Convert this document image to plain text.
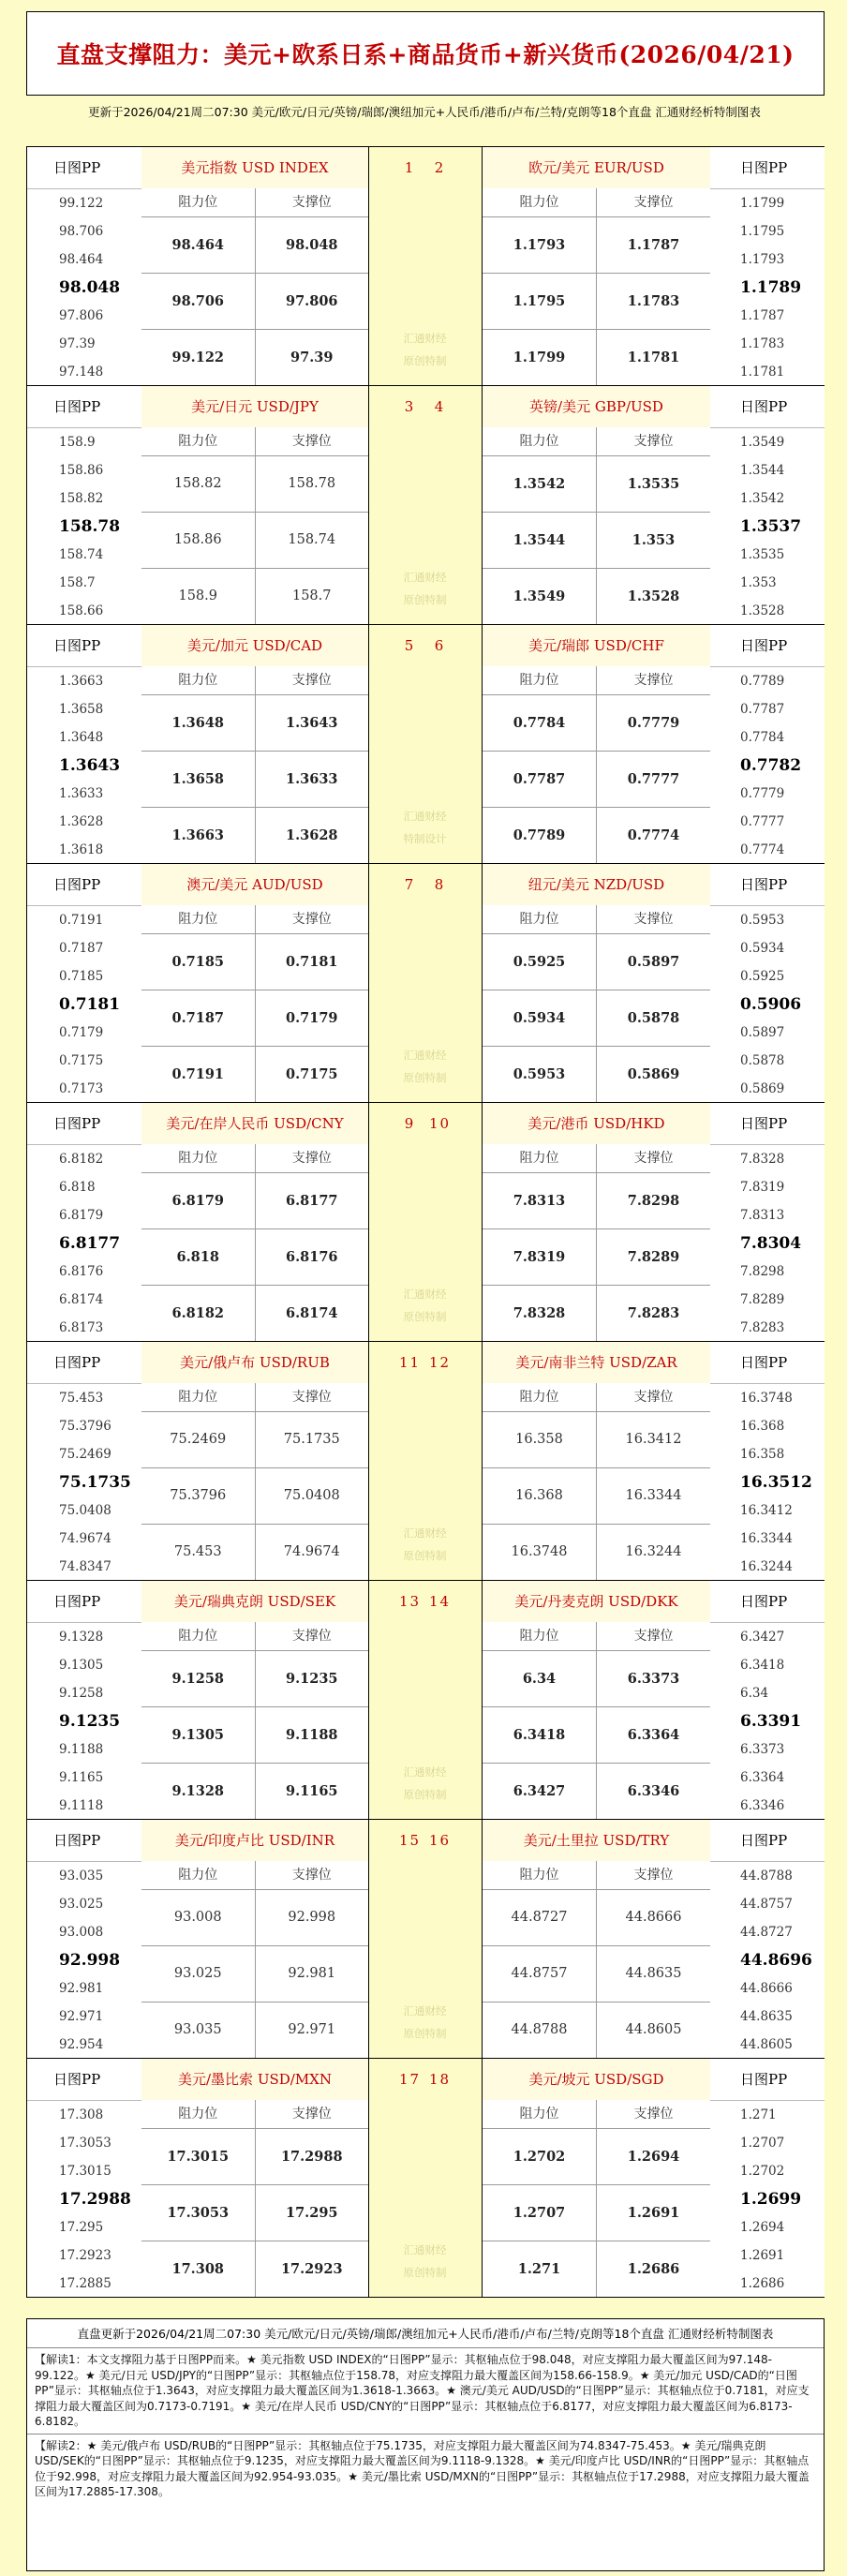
直盘支撑阻力：美元+欧系日系+商品货币+新兴货币(2026/04/21)
更新于2026/04/21周二07:30 美元/欧元/日元/英镑/瑞郎/澳纽加元+人民币/港币/卢布/兰特/克朗等18个直盘 汇通财经析特制图表
日图PP
99.122
98.706
98.464
98.048
97.806
97.39
97.148
美元指数 USD INDEX
阻力位	支撑位
98.464	98.048
98.706	97.806
99.122	97.39
日图PP
1.1799
1.1795
1.1793
1.1789
1.1787
1.1783
1.1781
欧元/美元 EUR/USD
阻力位	支撑位
1.1793	1.1787
1.1795	1.1783
1.1799	1.1781
1 2
汇通财经
原创特制
日图PP
158.9
158.86
158.82
158.78
158.74
158.7
158.66
美元/日元 USD/JPY
阻力位	支撑位
158.82	158.78
158.86	158.74
158.9	158.7
日图PP
1.3549
1.3544
1.3542
1.3537
1.3535
1.353
1.3528
英镑/美元 GBP/USD
阻力位	支撑位
1.3542	1.3535
1.3544	1.353
1.3549	1.3528
3 4
汇通财经
原创特制
日图PP
1.3663
1.3658
1.3648
1.3643
1.3633
1.3628
1.3618
美元/加元 USD/CAD
阻力位	支撑位
1.3648	1.3643
1.3658	1.3633
1.3663	1.3628
日图PP
0.7789
0.7787
0.7784
0.7782
0.7779
0.7777
0.7774
美元/瑞郎 USD/CHF
阻力位	支撑位
0.7784	0.7779
0.7787	0.7777
0.7789	0.7774
5 6
汇通财经
特制设计
日图PP
0.7191
0.7187
0.7185
0.7181
0.7179
0.7175
0.7173
澳元/美元 AUD/USD
阻力位	支撑位
0.7185	0.7181
0.7187	0.7179
0.7191	0.7175
日图PP
0.5953
0.5934
0.5925
0.5906
0.5897
0.5878
0.5869
纽元/美元 NZD/USD
阻力位	支撑位
0.5925	0.5897
0.5934	0.5878
0.5953	0.5869
7 8
汇通财经
原创特制
日图PP
6.8182
6.818
6.8179
6.8177
6.8176
6.8174
6.8173
美元/在岸人民币 USD/CNY
阻力位	支撑位
6.8179	6.8177
6.818	6.8176
6.8182	6.8174
日图PP
7.8328
7.8319
7.8313
7.8304
7.8298
7.8289
7.8283
美元/港币 USD/HKD
阻力位	支撑位
7.8313	7.8298
7.8319	7.8289
7.8328	7.8283
9 10
汇通财经
原创特制
日图PP
75.453
75.3796
75.2469
75.1735
75.0408
74.9674
74.8347
美元/俄卢布 USD/RUB
阻力位	支撑位
75.2469	75.1735
75.3796	75.0408
75.453	74.9674
日图PP
16.3748
16.368
16.358
16.3512
16.3412
16.3344
16.3244
美元/南非兰特 USD/ZAR
阻力位	支撑位
16.358	16.3412
16.368	16.3344
16.3748	16.3244
11 12
汇通财经
原创特制
日图PP
9.1328
9.1305
9.1258
9.1235
9.1188
9.1165
9.1118
美元/瑞典克朗 USD/SEK
阻力位	支撑位
9.1258	9.1235
9.1305	9.1188
9.1328	9.1165
日图PP
6.3427
6.3418
6.34
6.3391
6.3373
6.3364
6.3346
美元/丹麦克朗 USD/DKK
阻力位	支撑位
6.34	6.3373
6.3418	6.3364
6.3427	6.3346
13 14
汇通财经
原创特制
日图PP
93.035
93.025
93.008
92.998
92.981
92.971
92.954
美元/印度卢比 USD/INR
阻力位	支撑位
93.008	92.998
93.025	92.981
93.035	92.971
日图PP
44.8788
44.8757
44.8727
44.8696
44.8666
44.8635
44.8605
美元/土里拉 USD/TRY
阻力位	支撑位
44.8727	44.8666
44.8757	44.8635
44.8788	44.8605
15 16
汇通财经
原创特制
日图PP
17.308
17.3053
17.3015
17.2988
17.295
17.2923
17.2885
美元/墨比索 USD/MXN
阻力位	支撑位
17.3015	17.2988
17.3053	17.295
17.308	17.2923
日图PP
1.271
1.2707
1.2702
1.2699
1.2694
1.2691
1.2686
美元/坡元 USD/SGD
阻力位	支撑位
1.2702	1.2694
1.2707	1.2691
1.271	1.2686
17 18
汇通财经
原创特制
直盘更新于2026/04/21周二07:30 美元/欧元/日元/英镑/瑞郎/澳纽加元+人民币/港币/卢布/兰特/克朗等18个直盘 汇通财经析特制图表
【解读1：本文支撑阻力基于日图PP而来。★ 美元指数 USD INDEX的“日图PP”显示：其枢轴点位于98.048，对应支撑阻力最大覆盖区间为97.148-99.122。★ 美元/日元 USD/JPY的“日图PP”显示：其枢轴点位于158.78，对应支撑阻力最大覆盖区间为158.66-158.9。★ 美元/加元 USD/CAD的“日图PP”显示：其枢轴点位于1.3643，对应支撑阻力最大覆盖区间为1.3618-1.3663。★ 澳元/美元 AUD/USD的“日图PP”显示：其枢轴点位于0.7181，对应支撑阻力最大覆盖区间为0.7173-0.7191。★ 美元/在岸人民币 USD/CNY的“日图PP”显示：其枢轴点位于6.8177，对应支撑阻力最大覆盖区间为6.8173-6.8182。
【解读2：★ 美元/俄卢布 USD/RUB的“日图PP”显示：其枢轴点位于75.1735，对应支撑阻力最大覆盖区间为74.8347-75.453。★ 美元/瑞典克朗 USD/SEK的“日图PP”显示：其枢轴点位于9.1235，对应支撑阻力最大覆盖区间为9.1118-9.1328。★ 美元/印度卢比 USD/INR的“日图PP”显示：其枢轴点位于92.998，对应支撑阻力最大覆盖区间为92.954-93.035。★ 美元/墨比索 USD/MXN的“日图PP”显示：其枢轴点位于17.2988，对应支撑阻力最大覆盖区间为17.2885-17.308。
